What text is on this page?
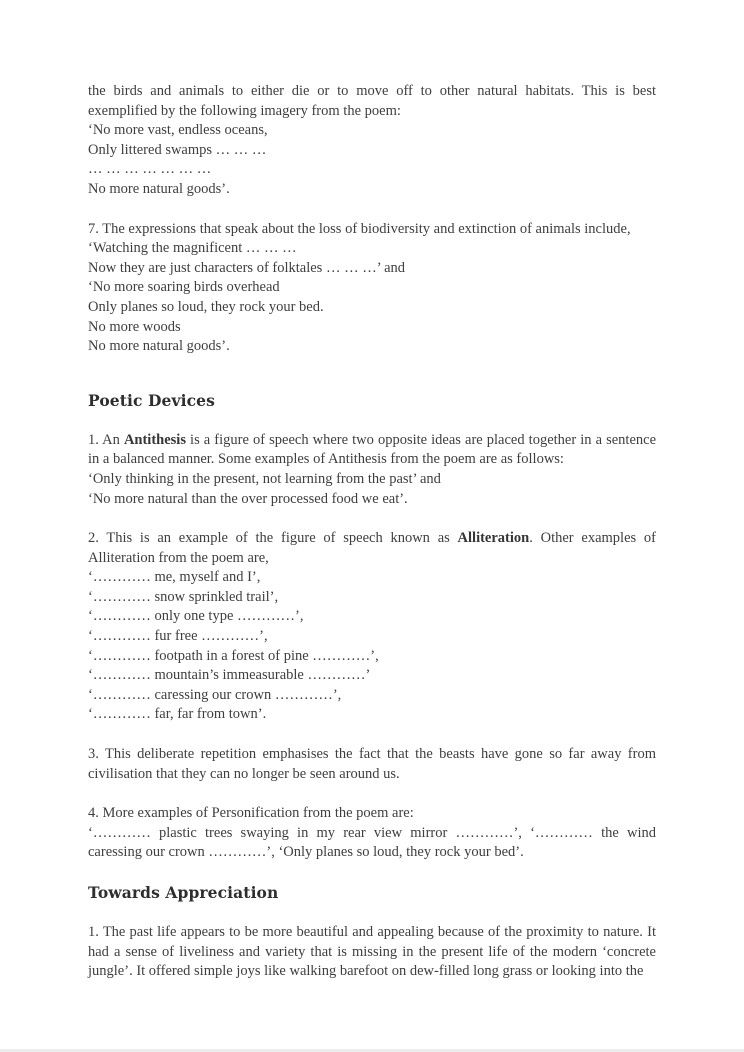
the birds and animals to either die or to move off to other natural habitats. This is best exemplified by the following imagery from the poem:

‘No more vast, endless oceans,
Only littered swamps … … …
… … … … … … …
No more natural goods’.

7. The expressions that speak about the loss of biodiversity and extinction of animals include,

‘Watching the magnificent … … …
Now they are just characters of folktales … … …’ and
‘No more soaring birds overhead
Only planes so loud, they rock your bed.
No more woods
No more natural goods’.
Poetic Devices

1. An Antithesis is a figure of speech where two opposite ideas are placed together in a sentence in a balanced manner. Some examples of Antithesis from the poem are as follows:

‘Only thinking in the present, not learning from the past’ and
‘No more natural than the over processed food we eat’.

2. This is an example of the figure of speech known as Alliteration. Other examples of Alliteration from the poem are,

‘………… me, myself and I’,
‘………… snow sprinkled trail’,
‘………… only one type …………’,
‘………… fur free …………’,
‘………… footpath in a forest of pine …………’,
‘………… mountain’s immeasurable …………’
‘………… caressing our crown …………’,
‘………… far, far from town’.

3. This deliberate repetition emphasises the fact that the beasts have gone so far away from civilisation that they can no longer be seen around us.

4. More examples of Personification from the poem are:

‘………… plastic trees swaying in my rear view mirror …………’, ‘………… the wind caressing our crown …………’, ‘Only planes so loud, they rock your bed’.

Towards Appreciation

1. The past life appears to be more beautiful and appealing because of the proximity to nature. It had a sense of liveliness and variety that is missing in the present life of the modern ‘concrete jungle’. It offered simple joys like walking barefoot on dew-filled long grass or looking into the
